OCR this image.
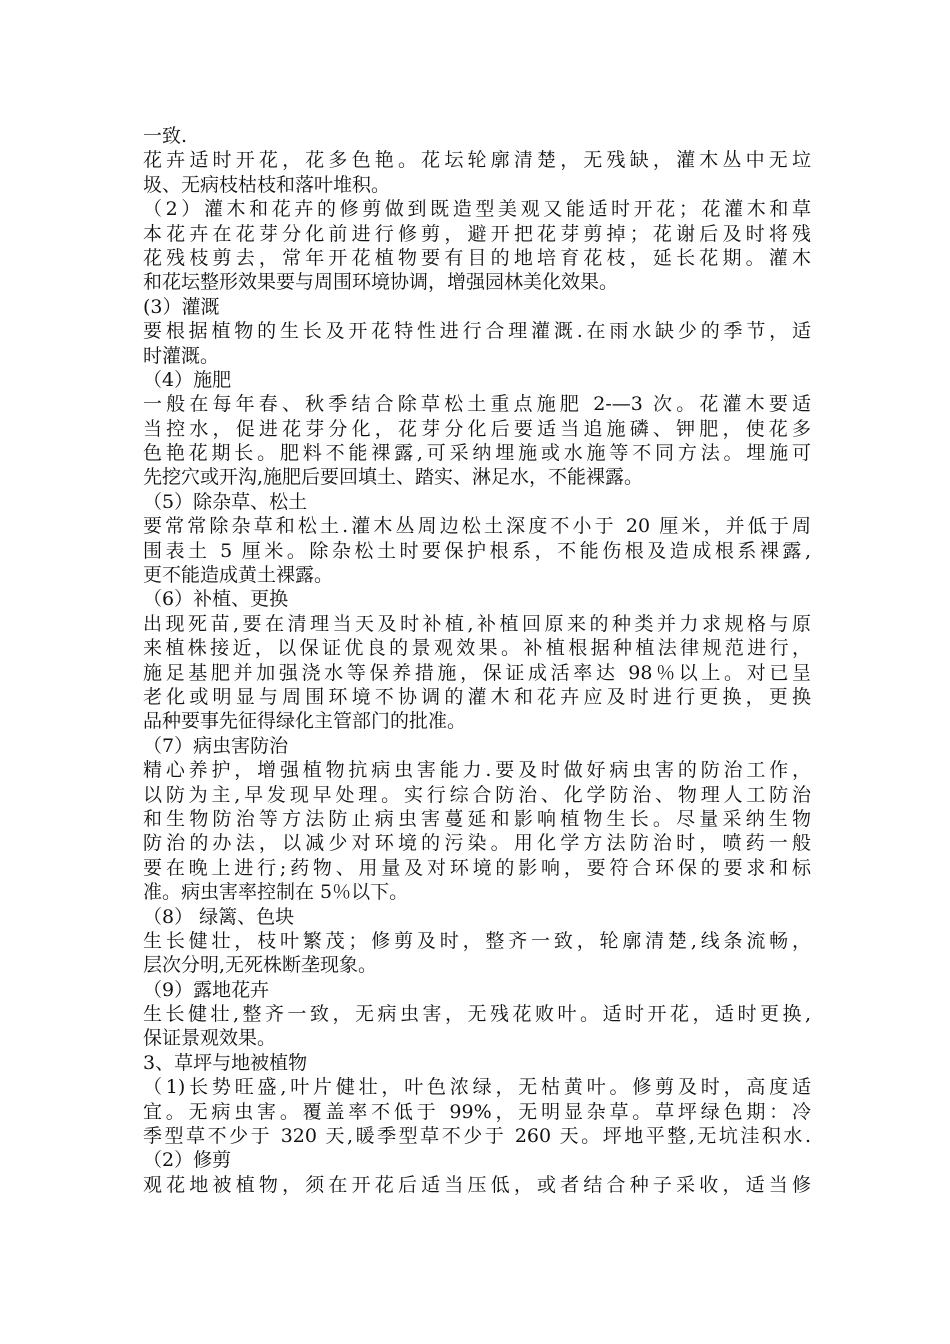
一致.
花卉适时开花，花多色艳。花坛轮廓清楚，无残缺，灌木丛中无垃
圾、无病枝枯枝和落叶堆积。
（2）灌木和花卉的修剪做到既造型美观又能适时开花；花灌木和草
本花卉在花芽分化前进行修剪，避开把花芽剪掉；花谢后及时将残
花残枝剪去，常年开花植物要有目的地培育花枝，延长花期。灌木
和花坛整形效果要与周围环境协调，增强园林美化效果。
(3）灌溉
要根据植物的生长及开花特性进行合理灌溉.在雨水缺少的季节，适
时灌溉。
（4）施肥
一般在每年春、秋季结合除草松土重点施肥 2-—3 次。花灌木要适
当控水，促进花芽分化，花芽分化后要适当追施磷、钾肥，使花多
色艳花期长。肥料不能裸露,可采纳埋施或水施等不同方法。埋施可
先挖穴或开沟,施肥后要回填土、踏实、淋足水，不能裸露。
（5）除杂草、松土
要常常除杂草和松土.灌木丛周边松土深度不小于 20 厘米，并低于周
围表土 5 厘米。除杂松土时要保护根系，不能伤根及造成根系裸露,
更不能造成黄土裸露。
（6）补植、更换
出现死苗,要在清理当天及时补植,补植回原来的种类并力求规格与原
来植株接近，以保证优良的景观效果。补植根据种植法律规范进行，
施足基肥并加强浇水等保养措施，保证成活率达 98％以上。对已呈
老化或明显与周围环境不协调的灌木和花卉应及时进行更换，更换
品种要事先征得绿化主管部门的批准。
（7）病虫害防治
精心养护，增强植物抗病虫害能力.要及时做好病虫害的防治工作，
以防为主,早发现早处理。实行综合防治、化学防治、物理人工防治
和生物防治等方法防止病虫害蔓延和影响植物生长。尽量采纳生物
防治的办法，以减少对环境的污染。用化学方法防治时，喷药一般
要在晚上进行;药物、用量及对环境的影响，要符合环保的要求和标
准。病虫害率控制在 5％以下。
（8） 绿篱、色块
生长健壮，枝叶繁茂；修剪及时，整齐一致，轮廓清楚,线条流畅，
层次分明,无死株断垄现象。
（9）露地花卉
生长健壮,整齐一致，无病虫害，无残花败叶。适时开花，适时更换,
保证景观效果。
3、草坪与地被植物
（1)长势旺盛,叶片健壮，叶色浓绿，无枯黄叶。修剪及时，高度适
宜。无病虫害。覆盖率不低于 99%，无明显杂草。草坪绿色期：冷
季型草不少于 320 天,暖季型草不少于 260 天。坪地平整,无坑洼积水.
（2）修剪
观花地被植物，须在开花后适当压低，或者结合种子采收，适当修
